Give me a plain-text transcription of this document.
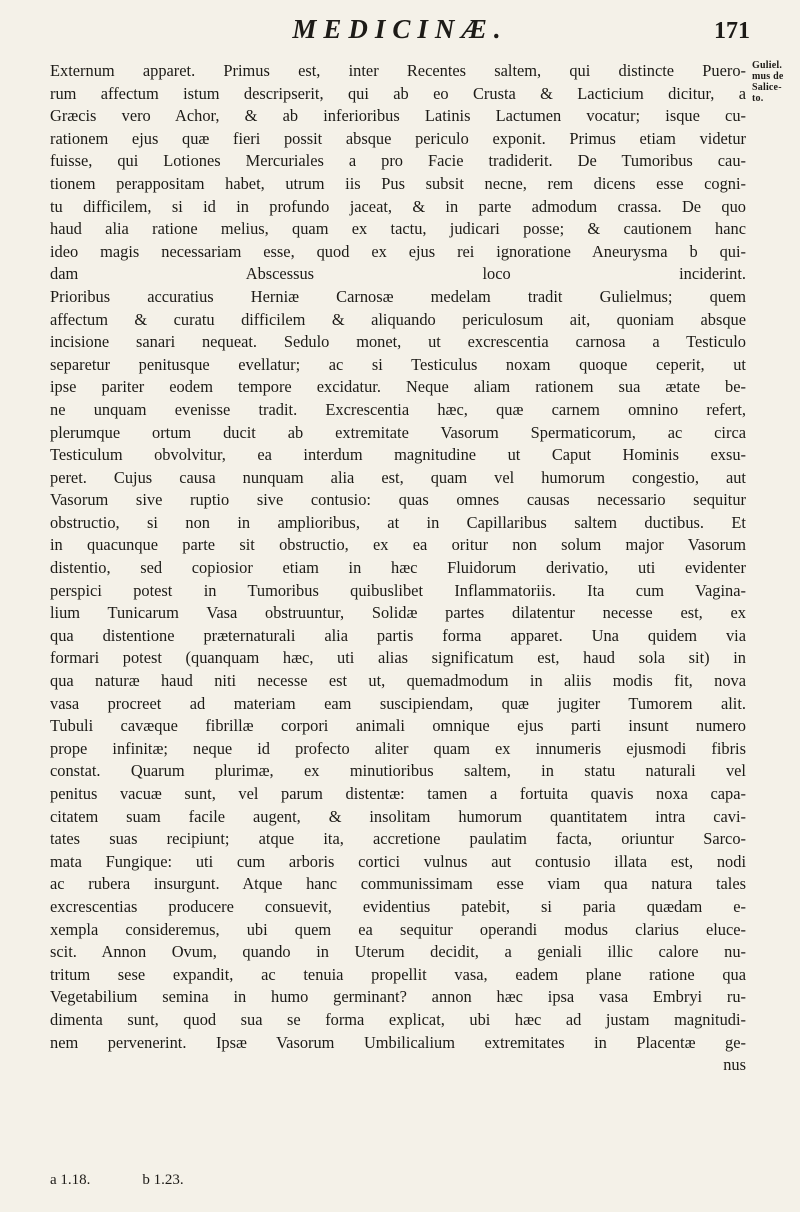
MEDICINÆ.	171
Guliel.
mus de
Salice-
to.
Externum apparet. Primus est, inter Recentes saltem, qui distincte Puero-
rum affectum istum descripserit, qui ab eo Crusta & Lacticium dicitur, a
Græcis vero Achor, & ab inferioribus Latinis Lactumen vocatur; isque cu-
rationem ejus quæ fieri possit absque periculo exponit. Primus etiam videtur
fuisse, qui Lotiones Mercuriales a pro Facie tradiderit. De Tumoribus cau-
tionem perappositam habet, utrum iis Pus subsit necne, rem dicens esse cogni-
tu difficilem, si id in profundo jaceat, & in parte admodum crassa. De quo
haud alia ratione melius, quam ex tactu, judicari posse; & cautionem hanc
ideo magis necessariam esse, quod ex ejus rei ignoratione Aneurysma b qui-
dam Abscessus loco inciderint.
Prioribus accuratius Herniæ Carnosæ medelam tradit Gulielmus; quem
affectum & curatu difficilem & aliquando periculosum ait, quoniam absque
incisione sanari nequeat. Sedulo monet, ut excrescentia carnosa a Testiculo
separetur penitusque evellatur; ac si Testiculus noxam quoque ceperit, ut
ipse pariter eodem tempore excidatur. Neque aliam rationem sua ætate be-
ne unquam evenisse tradit. Excrescentia hæc, quæ carnem omnino refert,
plerumque ortum ducit ab extremitate Vasorum Spermaticorum, ac circa
Testiculum obvolvitur, ea interdum magnitudine ut Caput Hominis exsu-
peret. Cujus causa nunquam alia est, quam vel humorum congestio, aut
Vasorum sive ruptio sive contusio: quas omnes causas necessario sequitur
obstructio, si non in amplioribus, at in Capillaribus saltem ductibus. Et
in quacunque parte sit obstructio, ex ea oritur non solum major Vasorum
distentio, sed copiosior etiam in hæc Fluidorum derivatio, uti evidenter
perspici potest in Tumoribus quibuslibet Inflammatoriis. Ita cum Vagina-
lium Tunicarum Vasa obstruuntur, Solidæ partes dilatentur necesse est, ex
qua distentione præternaturali alia partis forma apparet. Una quidem via
formari potest (quanquam hæc, uti alias significatum est, haud sola sit) in
qua naturæ haud niti necesse est ut, quemadmodum in aliis modis fit, nova
vasa procreet ad materiam eam suscipiendam, quæ jugiter Tumorem alit.
Tubuli cavæque fibrillæ corpori animali omnique ejus parti insunt numero
prope infinitæ; neque id profecto aliter quam ex innumeris ejusmodi fibris
constat. Quarum plurimæ, ex minutioribus saltem, in statu naturali vel
penitus vacuæ sunt, vel parum distentæ: tamen a fortuita quavis noxa capa-
citatem suam facile augent, & insolitam humorum quantitatem intra cavi-
tates suas recipiunt; atque ita, accretione paulatim facta, oriuntur Sarco-
mata Fungique: uti cum arboris cortici vulnus aut contusio illata est, nodi
ac rubera insurgunt. Atque hanc communissimam esse viam qua natura tales
excrescentias producere consuevit, evidentius patebit, si paria quædam e-
xempla consideremus, ubi quem ea sequitur operandi modus clarius eluce-
scit. Annon Ovum, quando in Uterum decidit, a geniali illic calore nu-
tritum sese expandit, ac tenuia propellit vasa, eadem plane ratione qua
Vegetabilium semina in humo germinant? annon hæc ipsa vasa Embryi ru-
dimenta sunt, quod sua se forma explicat, ubi hæc ad justam magnitudi-
nem pervenerint. Ipsæ Vasorum Umbilicalium extremitates in Placentæ ge-
nus
a 1.18.	b 1.23.
